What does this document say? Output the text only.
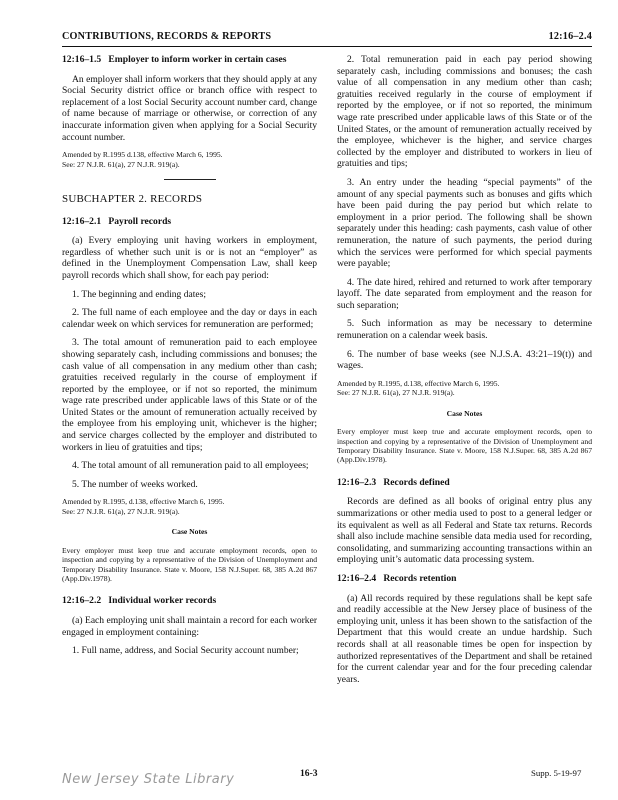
CONTRIBUTIONS, RECORDS & REPORTS	12:16–2.4

12:16–1.5 Employer to inform worker in certain cases

An employer shall inform workers that they should apply at any Social Security district office or branch office with respect to replacement of a lost Social Security account number card, change of name because of marriage or otherwise, or correction of any inaccurate information given when applying for a Social Security account number.

Amended by R.1995 d.138, effective March 6, 1995.
See: 27 N.J.R. 61(a), 27 N.J.R. 919(a).

SUBCHAPTER 2. RECORDS

12:16–2.1 Payroll records

(a) Every employing unit having workers in employment, regardless of whether such unit is or is not an “employer” as defined in the Unemployment Compensation Law, shall keep payroll records which shall show, for each pay period:

1. The beginning and ending dates;

2. The full name of each employee and the day or days in each calendar week on which services for remuneration are performed;

3. The total amount of remuneration paid to each employee showing separately cash, including commissions and bonuses; the cash value of all compensation in any medium other than cash; gratuities received regularly in the course of employment if reported by the employee, or if not so reported, the minimum wage rate prescribed under applicable laws of this State or of the United States or the amount of remuneration actually received by the employee from his employing unit, whichever is the higher; and service charges collected by the employer and distributed to workers in lieu of gratuities and tips;

4. The total amount of all remuneration paid to all employees;

5. The number of weeks worked.

Amended by R.1995, d.138, effective March 6, 1995.
See: 27 N.J.R. 61(a), 27 N.J.R. 919(a).

Case Notes

Every employer must keep true and accurate employment records, open to inspection and copying by a representative of the Division of Unemployment and Temporary Disability Insurance. State v. Moore, 158 N.J.Super. 68, 385 A.2d 867 (App.Div.1978).

12:16–2.2 Individual worker records

(a) Each employing unit shall maintain a record for each worker engaged in employment containing:

1. Full name, address, and Social Security account number;

2. Total remuneration paid in each pay period showing separately cash, including commissions and bonuses; the cash value of all compensation in any medium other than cash; gratuities received regularly in the course of employment if reported by the employee, or if not so reported, the minimum wage rate prescribed under applicable laws of this State or of the United States, or the amount of remuneration actually received by the employee, whichever is the higher, and service charges collected by the employer and distributed to workers in lieu of gratuities and tips;

3. An entry under the heading “special payments” of the amount of any special payments such as bonuses and gifts which have been paid during the pay period but which relate to employment in a prior period. The following shall be shown separately under this heading: cash payments, cash value of other remuneration, the nature of such payments, the period during which the services were performed for which special payments were payable;

4. The date hired, rehired and returned to work after temporary layoff. The date separated from employment and the reason for such separation;

5. Such information as may be necessary to determine remuneration on a calendar week basis.

6. The number of base weeks (see N.J.S.A. 43:21–19(t)) and wages.

Amended by R.1995, d.138, effective March 6, 1995.
See: 27 N.J.R. 61(a), 27 N.J.R. 919(a).

Case Notes

Every employer must keep true and accurate employment records, open to inspection and copying by a representative of the Division of Unemployment and Temporary Disability Insurance. State v. Moore, 158 N.J.Super. 68, 385 A.2d 867 (App.Div.1978).

12:16–2.3 Records defined

Records are defined as all books of original entry plus any summarizations or other media used to post to a general ledger or its equivalent as well as all Federal and State tax returns. Records shall also include machine sensible data media used for recording, consolidating, and summarizing accounting transactions within an employing unit’s automatic data processing system.

12:16–2.4 Records retention

(a) All records required by these regulations shall be kept safe and readily accessible at the New Jersey place of business of the employing unit, unless it has been shown to the satisfaction of the Department that this would create an undue hardship. Such records shall at all reasonable times be open for inspection by authorized representatives of the Department and shall be retained for the current calendar year and for the four preceding calendar years.

New Jersey State Library	16-3	Supp. 5-19-97
